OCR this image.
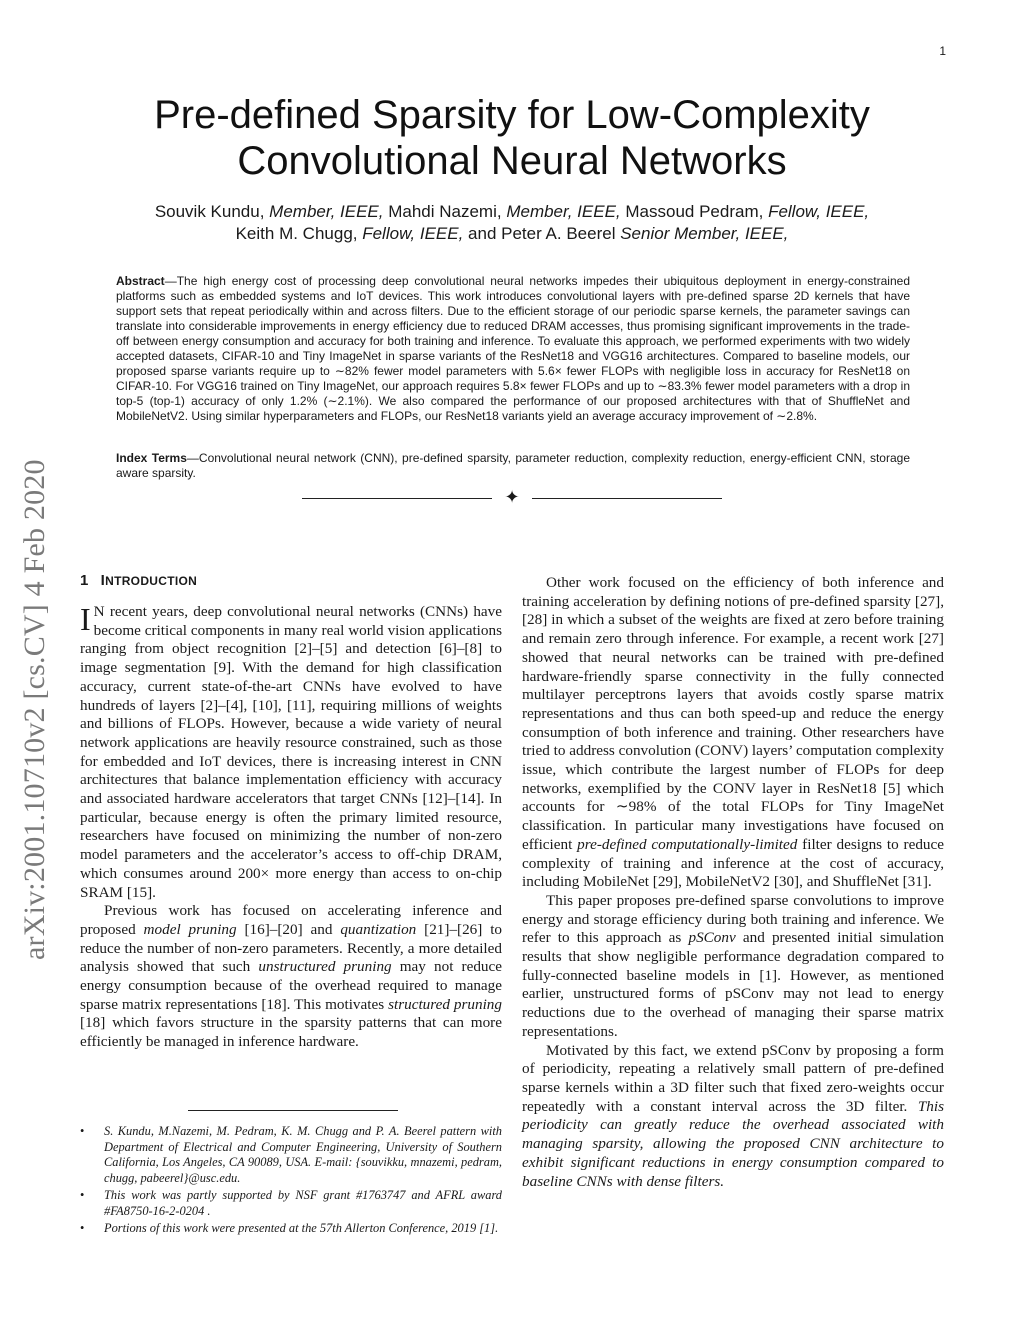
1
arXiv:2001.10710v2 [cs.CV] 4 Feb 2020
Pre-defined Sparsity for Low-Complexity
Convolutional Neural Networks
Souvik Kundu, Member, IEEE, Mahdi Nazemi, Member, IEEE, Massoud Pedram, Fellow, IEEE,
Keith M. Chugg, Fellow, IEEE, and Peter A. Beerel Senior Member, IEEE,
Abstract—The high energy cost of processing deep convolutional neural networks impedes their ubiquitous deployment in energy-constrained platforms such as embedded systems and IoT devices. This work introduces convolutional layers with pre-defined sparse 2D kernels that have support sets that repeat periodically within and across filters. Due to the efficient storage of our periodic sparse kernels, the parameter savings can translate into considerable improvements in energy efficiency due to reduced DRAM accesses, thus promising significant improvements in the trade-off between energy consumption and accuracy for both training and inference. To evaluate this approach, we performed experiments with two widely accepted datasets, CIFAR-10 and Tiny ImageNet in sparse variants of the ResNet18 and VGG16 architectures. Compared to baseline models, our proposed sparse variants require up to ∼82% fewer model parameters with 5.6× fewer FLOPs with negligible loss in accuracy for ResNet18 on CIFAR-10. For VGG16 trained on Tiny ImageNet, our approach requires 5.8× fewer FLOPs and up to ∼83.3% fewer model parameters with a drop in top-5 (top-1) accuracy of only 1.2% (∼2.1%). We also compared the performance of our proposed architectures with that of ShuffleNet and MobileNetV2. Using similar hyperparameters and FLOPs, our ResNet18 variants yield an average accuracy improvement of ∼2.8%.
Index Terms—Convolutional neural network (CNN), pre-defined sparsity, parameter reduction, complexity reduction, energy-efficient CNN, storage aware sparsity.
✦
1 INTRODUCTION

I N recent years, deep convolutional neural networks (CNNs) have become critical components in many real world vision applications ranging from object recognition [2]–[5] and detection [6]–[8] to image segmentation [9]. With the demand for high classification accuracy, current state-of-the-art CNNs have evolved to have hundreds of layers [2]–[4], [10], [11], requiring millions of weights and billions of FLOPs. However, because a wide variety of neural network applications are heavily resource constrained, such as those for embedded and IoT devices, there is increasing interest in CNN architectures that balance implementation efficiency with accuracy and associated hardware accelerators that target CNNs [12]–[14]. In particular, because energy is often the primary limited resource, researchers have focused on minimizing the number of non-zero model parameters and the accelerator’s access to off-chip DRAM, which consumes around 200× more energy than access to on-chip SRAM [15].

Previous work has focused on accelerating inference and proposed model pruning [16]–[20] and quantization [21]–[26] to reduce the number of non-zero parameters. Recently, a more detailed analysis showed that such unstructured pruning may not reduce energy consumption because of the overhead required to manage sparse matrix representations [18]. This motivates structured pruning [18] which favors structure in the sparsity patterns that can more efficiently be managed in inference hardware.

• S. Kundu, M.Nazemi, M. Pedram, K. M. Chugg and P. A. Beerel pattern with Department of Electrical and Computer Engineering, University of Southern California, Los Angeles, CA 90089, USA. E-mail: {souvikku, mnazemi, pedram, chugg, pabeerel}@usc.edu.
• This work was partly supported by NSF grant #1763747 and AFRL award #FA8750-16-2-0204 .
• Portions of this work were presented at the 57th Allerton Conference, 2019 [1].

Other work focused on the efficiency of both inference and training acceleration by defining notions of pre-defined sparsity [27], [28] in which a subset of the weights are fixed at zero before training and remain zero through inference. For example, a recent work [27] showed that neural networks can be trained with pre-defined hardware-friendly sparse connectivity in the fully connected multilayer perceptrons layers that avoids costly sparse matrix representations and thus can both speed-up and reduce the energy consumption of both inference and training. Other researchers have tried to address convolution (CONV) layers’ computation complexity issue, which contribute the largest number of FLOPs for deep networks, exemplified by the CONV layer in ResNet18 [5] which accounts for ∼98% of the total FLOPs for Tiny ImageNet classification. In particular many investigations have focused on efficient pre-defined computationally-limited filter designs to reduce complexity of training and inference at the cost of accuracy, including MobileNet [29], MobileNetV2 [30], and ShuffleNet [31].

This paper proposes pre-defined sparse convolutions to improve energy and storage efficiency during both training and inference. We refer to this approach as pSConv and presented initial simulation results that show negligible performance degradation compared to fully-connected baseline models in [1]. However, as mentioned earlier, unstructured forms of pSConv may not lead to energy reductions due to the overhead of managing their sparse matrix representations.

Motivated by this fact, we extend pSConv by proposing a form of periodicity, repeating a relatively small pattern of pre-defined sparse kernels within a 3D filter such that fixed zero-weights occur repeatedly with a constant interval across the 3D filter. This periodicity can greatly reduce the overhead associated with managing sparsity, allowing the proposed CNN architecture to exhibit significant reductions in energy consumption compared to baseline CNNs with dense filters.
